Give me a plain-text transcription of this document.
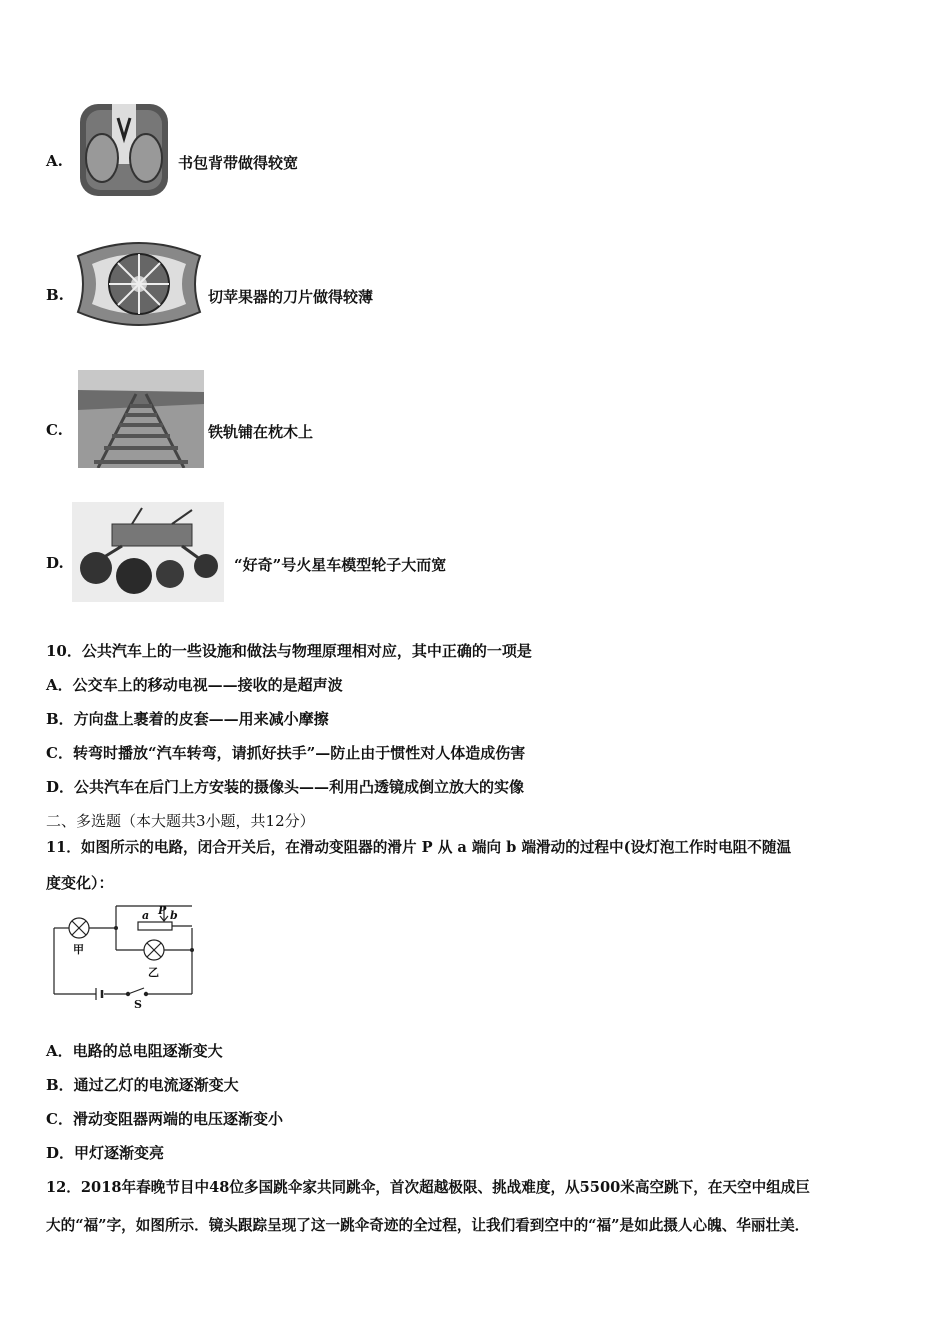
A.	书包背带做得较宽
B.	切苹果器的刀片做得较薄
C.	铁轨铺在枕木上
D.	“好奇”号火星车模型轮子大而宽
10．公共汽车上的一些设施和做法与物理原理相对应，其中正确的一项是
A．公交车上的移动电视——接收的是超声波
B．方向盘上裹着的皮套——用来减小摩擦
C．转弯时播放“汽车转弯，请抓好扶手”—防止由于惯性对人体造成伤害
D．公共汽车在后门上方安装的摄像头——利用凸透镜成倒立放大的实像
二、多选题（本大题共3小题，共12分）
11．如图所示的电路，闭合开关后，在滑动变阻器的滑片 P 从 a 端向 b 端滑动的过程中(设灯泡工作时电阻不随温
度变化）：
甲
乙
a P b
S
A．电路的总电阻逐渐变大
B．通过乙灯的电流逐渐变大
C．滑动变阻器两端的电压逐渐变小
D．甲灯逐渐变亮
12．2018年春晚节目中48位多国跳伞家共同跳伞，首次超越极限、挑战难度，从5500米高空跳下，在天空中组成巨
大的“福”字，如图所示．镜头跟踪呈现了这一跳伞奇迹的全过程，让我们看到空中的“福”是如此摄人心魄、华丽壮美．
